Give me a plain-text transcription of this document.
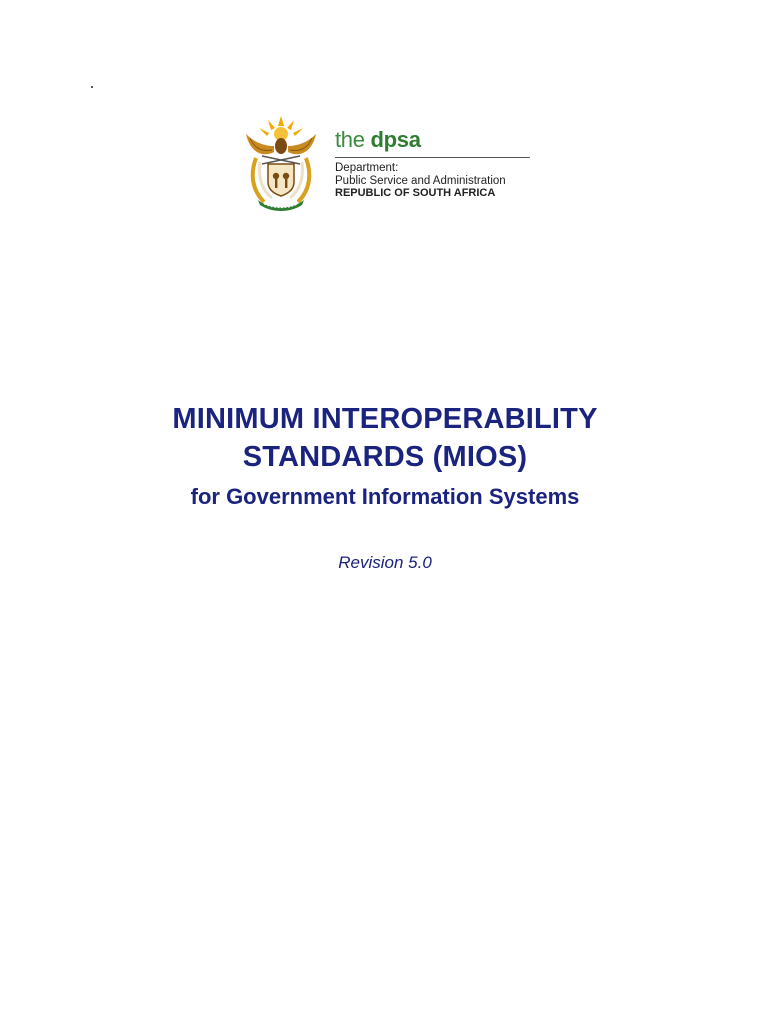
the dpsa
Department:
Public Service and Administration
REPUBLIC OF SOUTH AFRICA
MINIMUM INTEROPERABILITY
STANDARDS (MIOS)
for Government Information Systems
Revision 5.0
